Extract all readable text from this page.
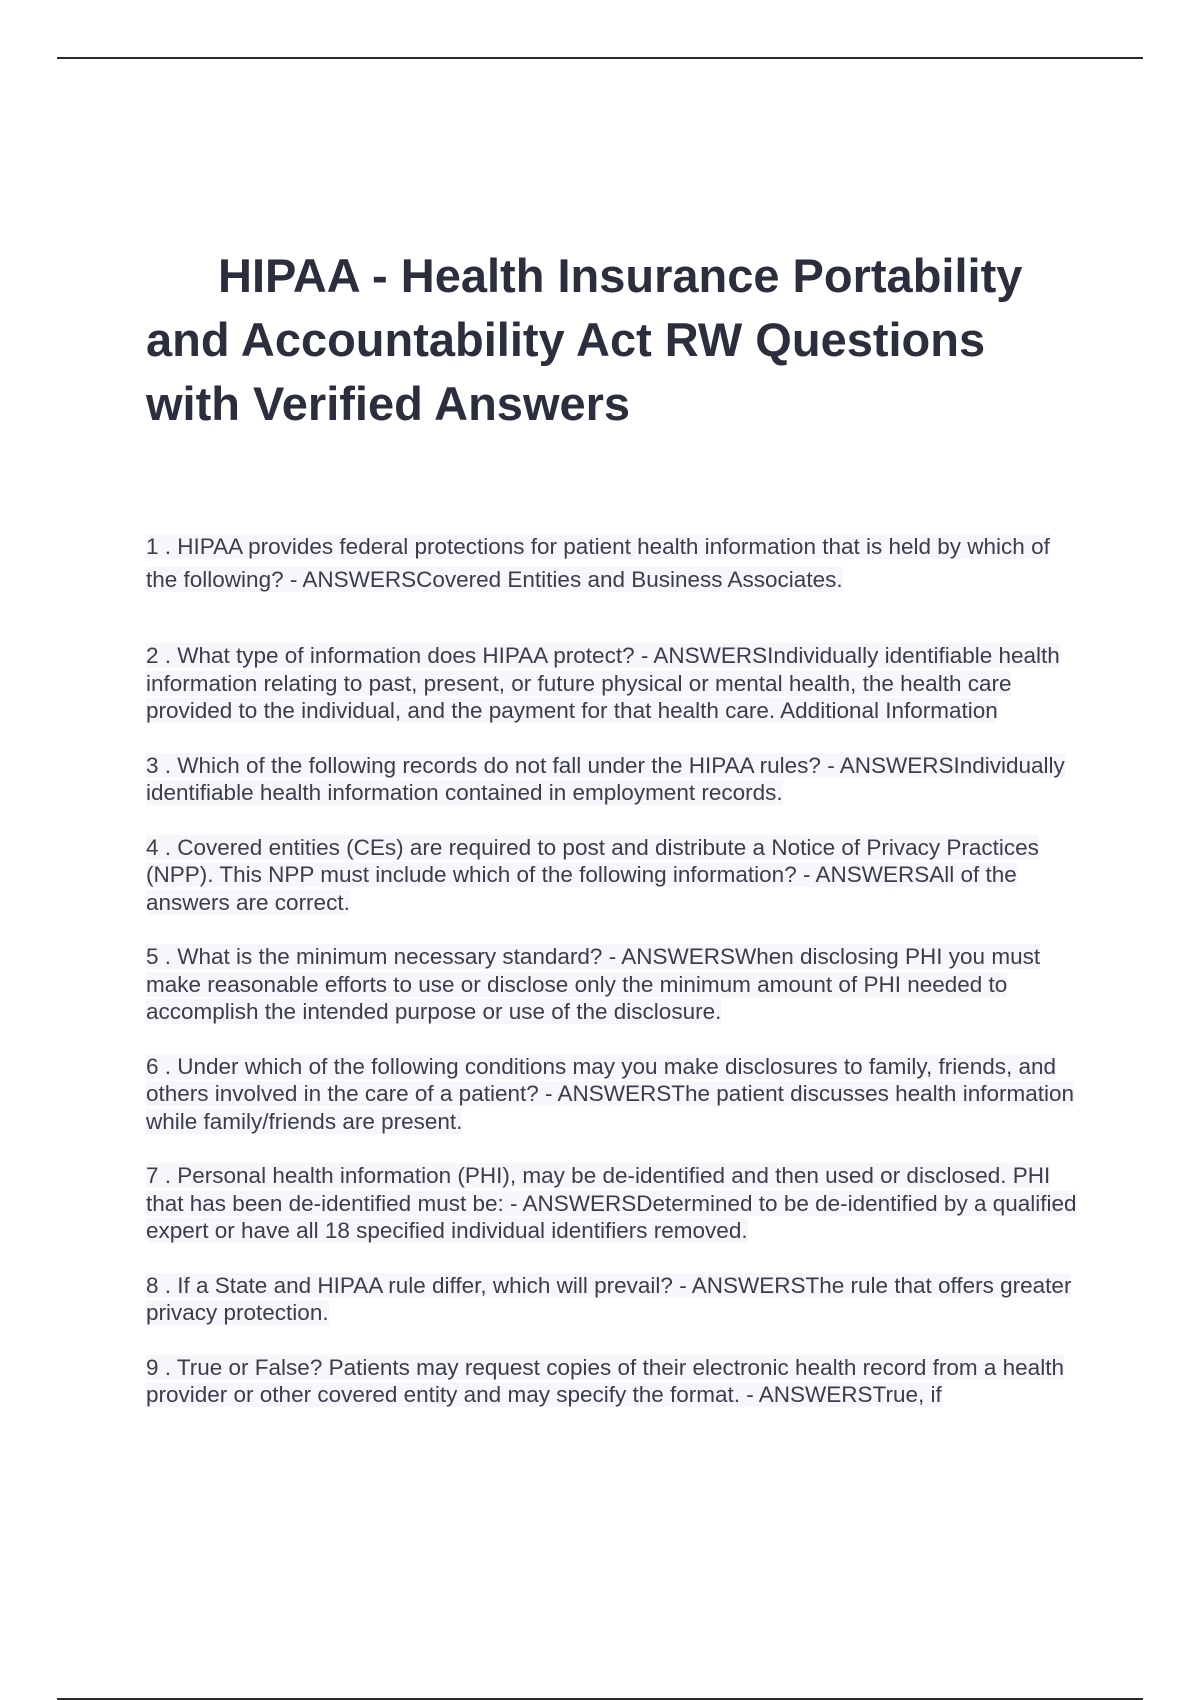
HIPAA - Health Insurance Portability and Accountability Act RW Questions with Verified Answers
1 . HIPAA provides federal protections for patient health information that is held by which of the following? - ANSWERSCovered Entities and Business Associates.
2 . What type of information does HIPAA protect? - ANSWERSIndividually identifiable health information relating to past, present, or future physical or mental health, the health care provided to the individual, and the payment for that health care. Additional Information
3 . Which of the following records do not fall under the HIPAA rules? - ANSWERSIndividually identifiable health information contained in employment records.
4 . Covered entities (CEs) are required to post and distribute a Notice of Privacy Practices (NPP). This NPP must include which of the following information? - ANSWERSAll of the answers are correct.
5 . What is the minimum necessary standard? - ANSWERSWhen disclosing PHI you must make reasonable efforts to use or disclose only the minimum amount of PHI needed to accomplish the intended purpose or use of the disclosure.
6 . Under which of the following conditions may you make disclosures to family, friends, and others involved in the care of a patient? - ANSWERSThe patient discusses health information while family/friends are present.
7 . Personal health information (PHI), may be de-identified and then used or disclosed. PHI that has been de-identified must be: - ANSWERSDetermined to be de-identified by a qualified expert or have all 18 specified individual identifiers removed.
8 . If a State and HIPAA rule differ, which will prevail? - ANSWERSThe rule that offers greater privacy protection.
9 . True or False? Patients may request copies of their electronic health record from a health provider or other covered entity and may specify the format. - ANSWERSTrue, if
